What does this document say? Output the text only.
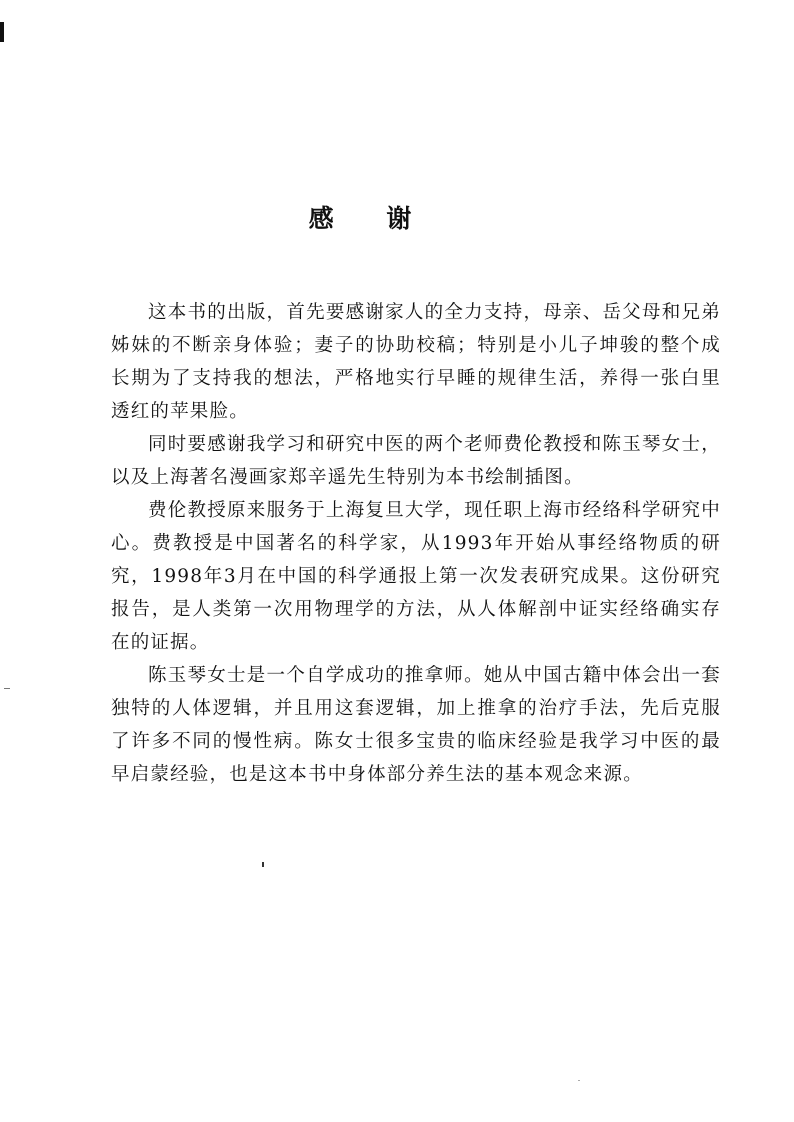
感 谢

这本书的出版，首先要感谢家人的全力支持，母亲、岳父母和兄弟姊妹的不断亲身体验；妻子的协助校稿；特别是小儿子坤骏的整个成长期为了支持我的想法，严格地实行早睡的规律生活，养得一张白里透红的苹果脸。

同时要感谢我学习和研究中医的两个老师费伦教授和陈玉琴女士，以及上海著名漫画家郑辛遥先生特别为本书绘制插图。

费伦教授原来服务于上海复旦大学，现任职上海市经络科学研究中心。费教授是中国著名的科学家，从1993年开始从事经络物质的研究，1998年3月在中国的科学通报上第一次发表研究成果。这份研究报告，是人类第一次用物理学的方法，从人体解剖中证实经络确实存在的证据。

陈玉琴女士是一个自学成功的推拿师。她从中国古籍中体会出一套独特的人体逻辑，并且用这套逻辑，加上推拿的治疗手法，先后克服了许多不同的慢性病。陈女士很多宝贵的临床经验是我学习中医的最早启蒙经验，也是这本书中身体部分养生法的基本观念来源。
